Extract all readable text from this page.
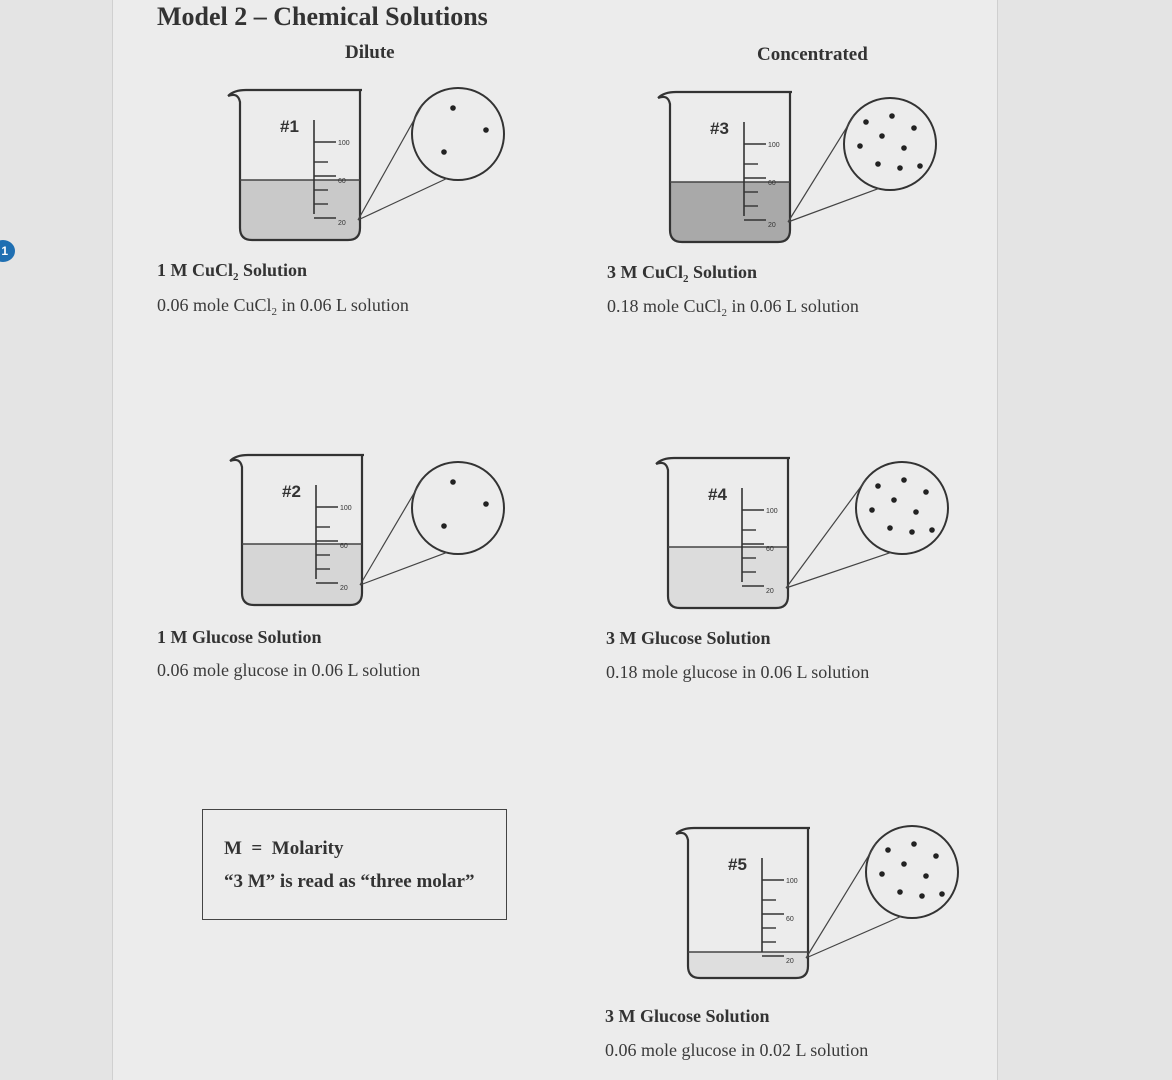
1
Model 2 – Chemical Solutions
Dilute	Concentrated
#1
100
60
20
1 M CuCl$_2$ Solution
0.06 mole CuCl$_2$ in 0.06 L solution
#3
100
60
20
3 M CuCl$_2$ Solution
0.18 mole CuCl$_2$ in 0.06 L solution
#2
100
60
20
1 M Glucose Solution
0.06 mole glucose in 0.06 L solution
#4
100
60
20
3 M Glucose Solution
0.18 mole glucose in 0.06 L solution
M  =  Molarity
“3 M” is read as “three molar”
#5
100
60
20
3 M Glucose Solution
0.06 mole glucose in 0.02 L solution
